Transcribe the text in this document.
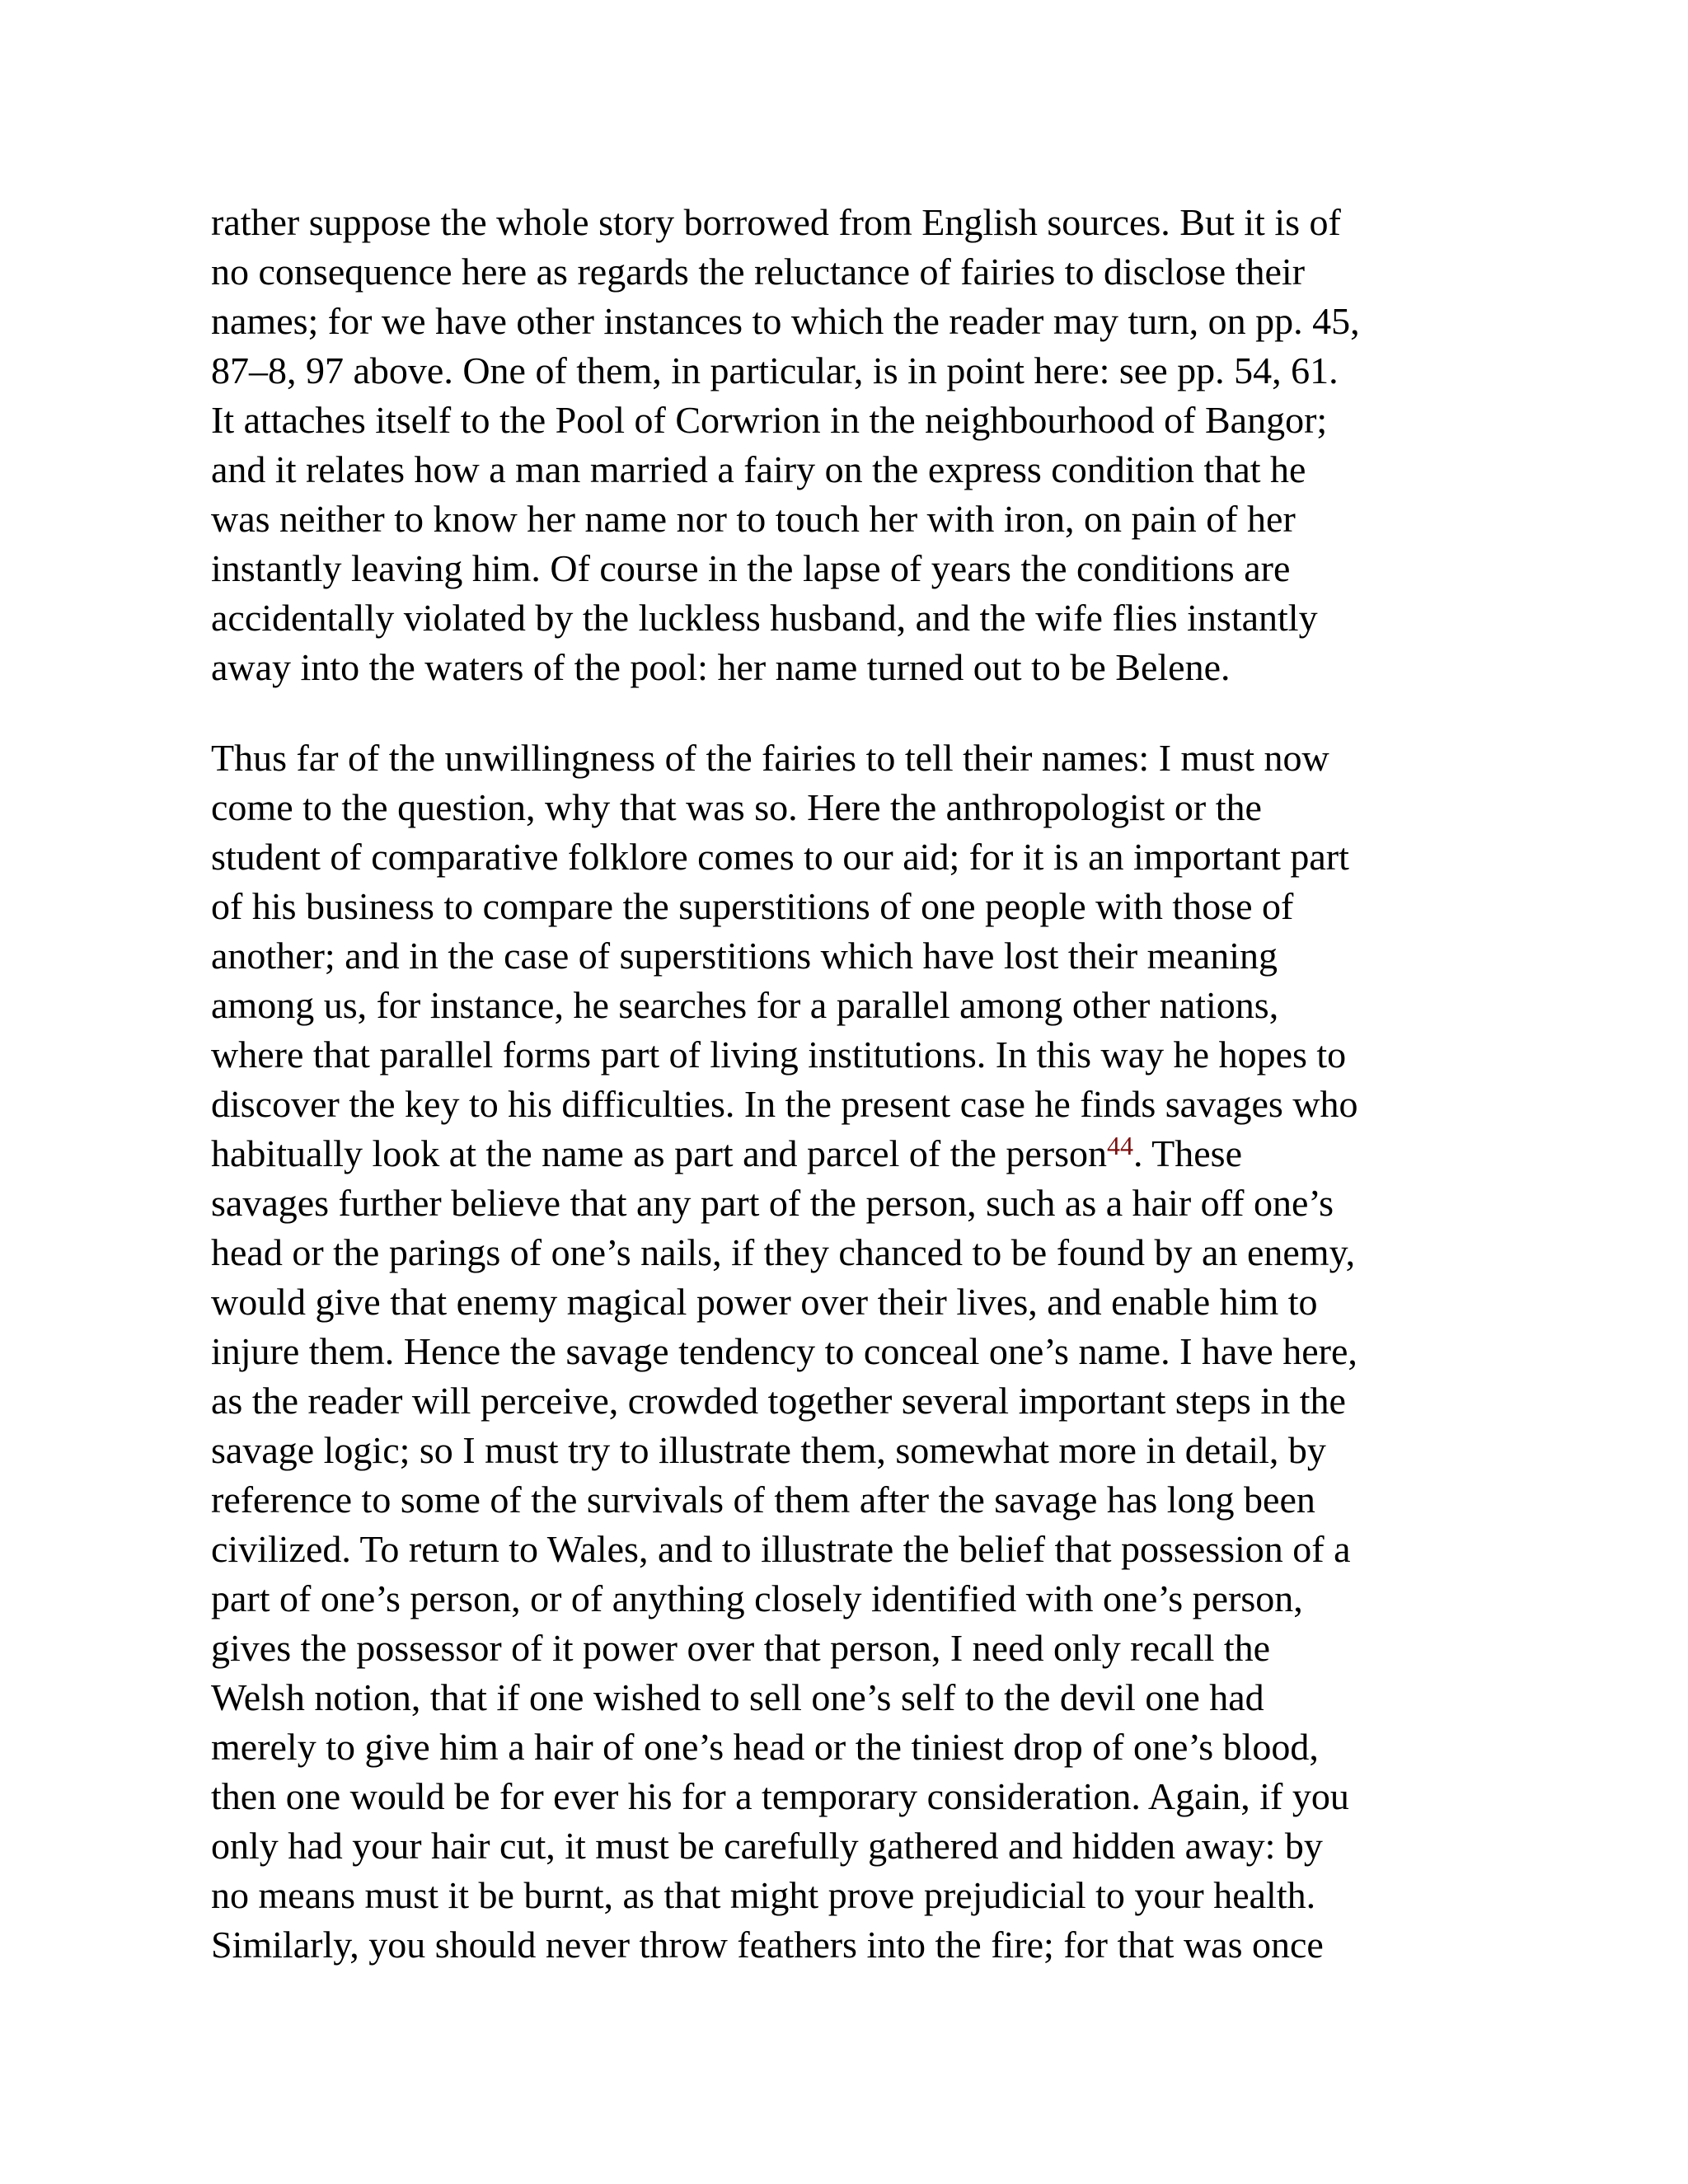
rather suppose the whole story borrowed from English sources. But it is of
no consequence here as regards the reluctance of fairies to disclose their
names; for we have other instances to which the reader may turn, on pp. 45,
87–8, 97 above. One of them, in particular, is in point here: see pp. 54, 61.
It attaches itself to the Pool of Corwrion in the neighbourhood of Bangor;
and it relates how a man married a fairy on the express condition that he
was neither to know her name nor to touch her with iron, on pain of her
instantly leaving him. Of course in the lapse of years the conditions are
accidentally violated by the luckless husband, and the wife flies instantly
away into the waters of the pool: her name turned out to be Belene.

Thus far of the unwillingness of the fairies to tell their names: I must now
come to the question, why that was so. Here the anthropologist or the
student of comparative folklore comes to our aid; for it is an important part
of his business to compare the superstitions of one people with those of
another; and in the case of superstitions which have lost their meaning
among us, for instance, he searches for a parallel among other nations,
where that parallel forms part of living institutions. In this way he hopes to
discover the key to his difficulties. In the present case he finds savages who
habitually look at the name as part and parcel of the person$^{44}$. These
savages further believe that any part of the person, such as a hair off one’s
head or the parings of one’s nails, if they chanced to be found by an enemy,
would give that enemy magical power over their lives, and enable him to
injure them. Hence the savage tendency to conceal one’s name. I have here,
as the reader will perceive, crowded together several important steps in the
savage logic; so I must try to illustrate them, somewhat more in detail, by
reference to some of the survivals of them after the savage has long been
civilized. To return to Wales, and to illustrate the belief that possession of a
part of one’s person, or of anything closely identified with one’s person,
gives the possessor of it power over that person, I need only recall the
Welsh notion, that if one wished to sell one’s self to the devil one had
merely to give him a hair of one’s head or the tiniest drop of one’s blood,
then one would be for ever his for a temporary consideration. Again, if you
only had your hair cut, it must be carefully gathered and hidden away: by
no means must it be burnt, as that might prove prejudicial to your health.
Similarly, you should never throw feathers into the fire; for that was once
